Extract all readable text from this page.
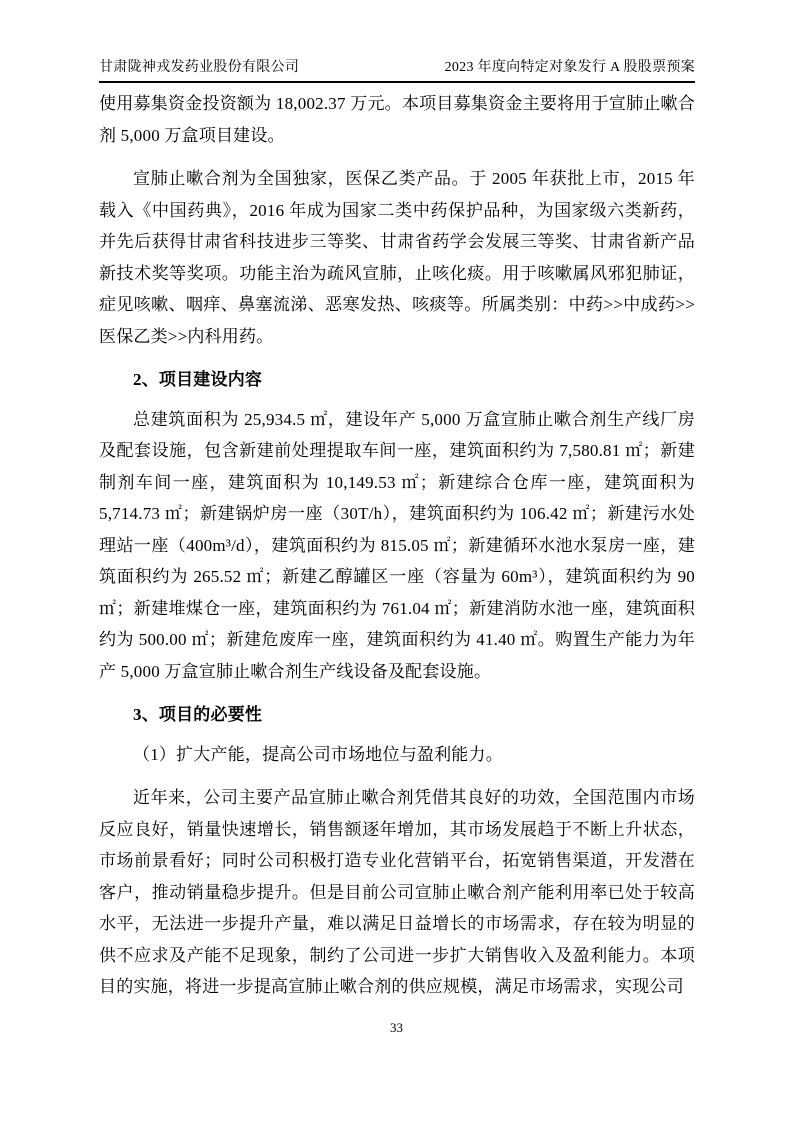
甘肃陇神戎发药业股份有限公司	2023 年度向特定对象发行 A 股股票预案

使用募集资金投资额为 18,002.37 万元。本项目募集资金主要将用于宣肺止嗽合剂 5,000 万盒项目建设。

宣肺止嗽合剂为全国独家，医保乙类产品。于 2005 年获批上市，2015 年载入《中国药典》，2016 年成为国家二类中药保护品种，为国家级六类新药，并先后获得甘肃省科技进步三等奖、甘肃省药学会发展三等奖、甘肃省新产品新技术奖等奖项。功能主治为疏风宣肺，止咳化痰。用于咳嗽属风邪犯肺证，症见咳嗽、咽痒、鼻塞流涕、恶寒发热、咳痰等。所属类别：中药>>中成药>>医保乙类>>内科用药。

2、项目建设内容

总建筑面积为 25,934.5 ㎡，建设年产 5,000 万盒宣肺止嗽合剂生产线厂房及配套设施，包含新建前处理提取车间一座，建筑面积约为 7,580.81 ㎡；新建制剂车间一座，建筑面积为 10,149.53 ㎡；新建综合仓库一座，建筑面积为 5,714.73 ㎡；新建锅炉房一座（30T/h），建筑面积约为 106.42 ㎡；新建污水处理站一座（400m³/d），建筑面积约为 815.05 ㎡；新建循环水池水泵房一座，建筑面积约为 265.52 ㎡；新建乙醇罐区一座（容量为 60m³），建筑面积约为 90 ㎡；新建堆煤仓一座，建筑面积约为 761.04 ㎡；新建消防水池一座，建筑面积约为 500.00 ㎡；新建危废库一座，建筑面积约为 41.40 ㎡。购置生产能力为年产 5,000 万盒宣肺止嗽合剂生产线设备及配套设施。

3、项目的必要性

（1）扩大产能，提高公司市场地位与盈利能力。

近年来，公司主要产品宣肺止嗽合剂凭借其良好的功效，全国范围内市场反应良好，销量快速增长，销售额逐年增加，其市场发展趋于不断上升状态，市场前景看好；同时公司积极打造专业化营销平台，拓宽销售渠道，开发潜在客户，推动销量稳步提升。但是目前公司宣肺止嗽合剂产能利用率已处于较高水平，无法进一步提升产量，难以满足日益增长的市场需求，存在较为明显的供不应求及产能不足现象，制约了公司进一步扩大销售收入及盈利能力。本项目的实施，将进一步提高宣肺止嗽合剂的供应规模，满足市场需求，实现公司

33
